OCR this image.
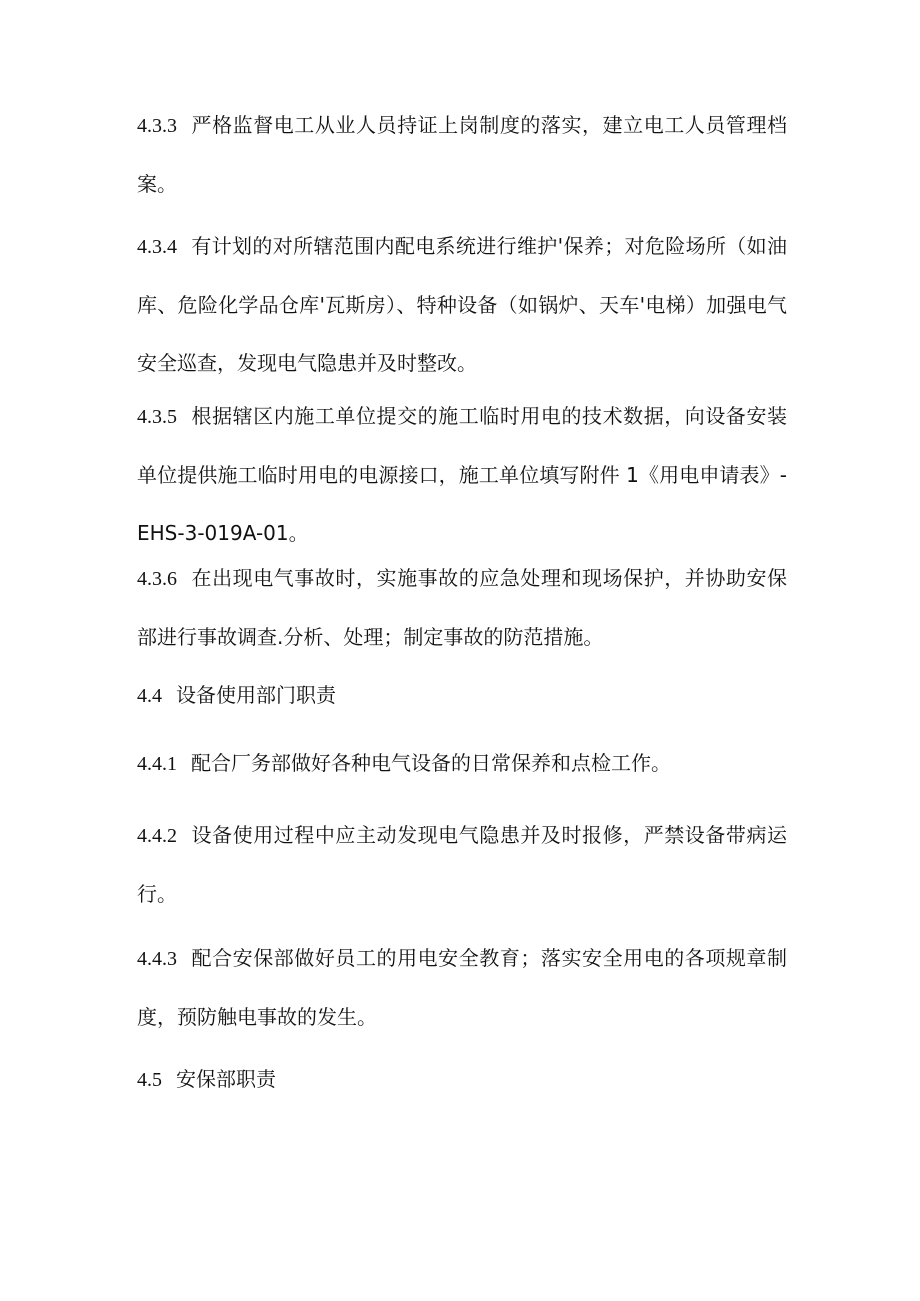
4.3.3 严格监督电工从业人员持证上岗制度的落实，建立电工人员管理档案。

4.3.4 有计划的对所辖范围内配电系统进行维护'保养；对危险场所（如油库、危险化学品仓库'瓦斯房）、特种设备（如锅炉、天车'电梯）加强电气安全巡查，发现电气隐患并及时整改。

4.3.5 根据辖区内施工单位提交的施工临时用电的技术数据，向设备安装单位提供施工临时用电的电源接口，施工单位填写附件 1《用电申请表》-EHS-3-019A-01。

4.3.6 在出现电气事故时，实施事故的应急处理和现场保护，并协助安保部进行事故调查.分析、处理；制定事故的防范措施。

4.4 设备使用部门职责

4.4.1 配合厂务部做好各种电气设备的日常保养和点检工作。

4.4.2 设备使用过程中应主动发现电气隐患并及时报修，严禁设备带病运行。

4.4.3 配合安保部做好员工的用电安全教育；落实安全用电的各项规章制度，预防触电事故的发生。

4.5 安保部职责
